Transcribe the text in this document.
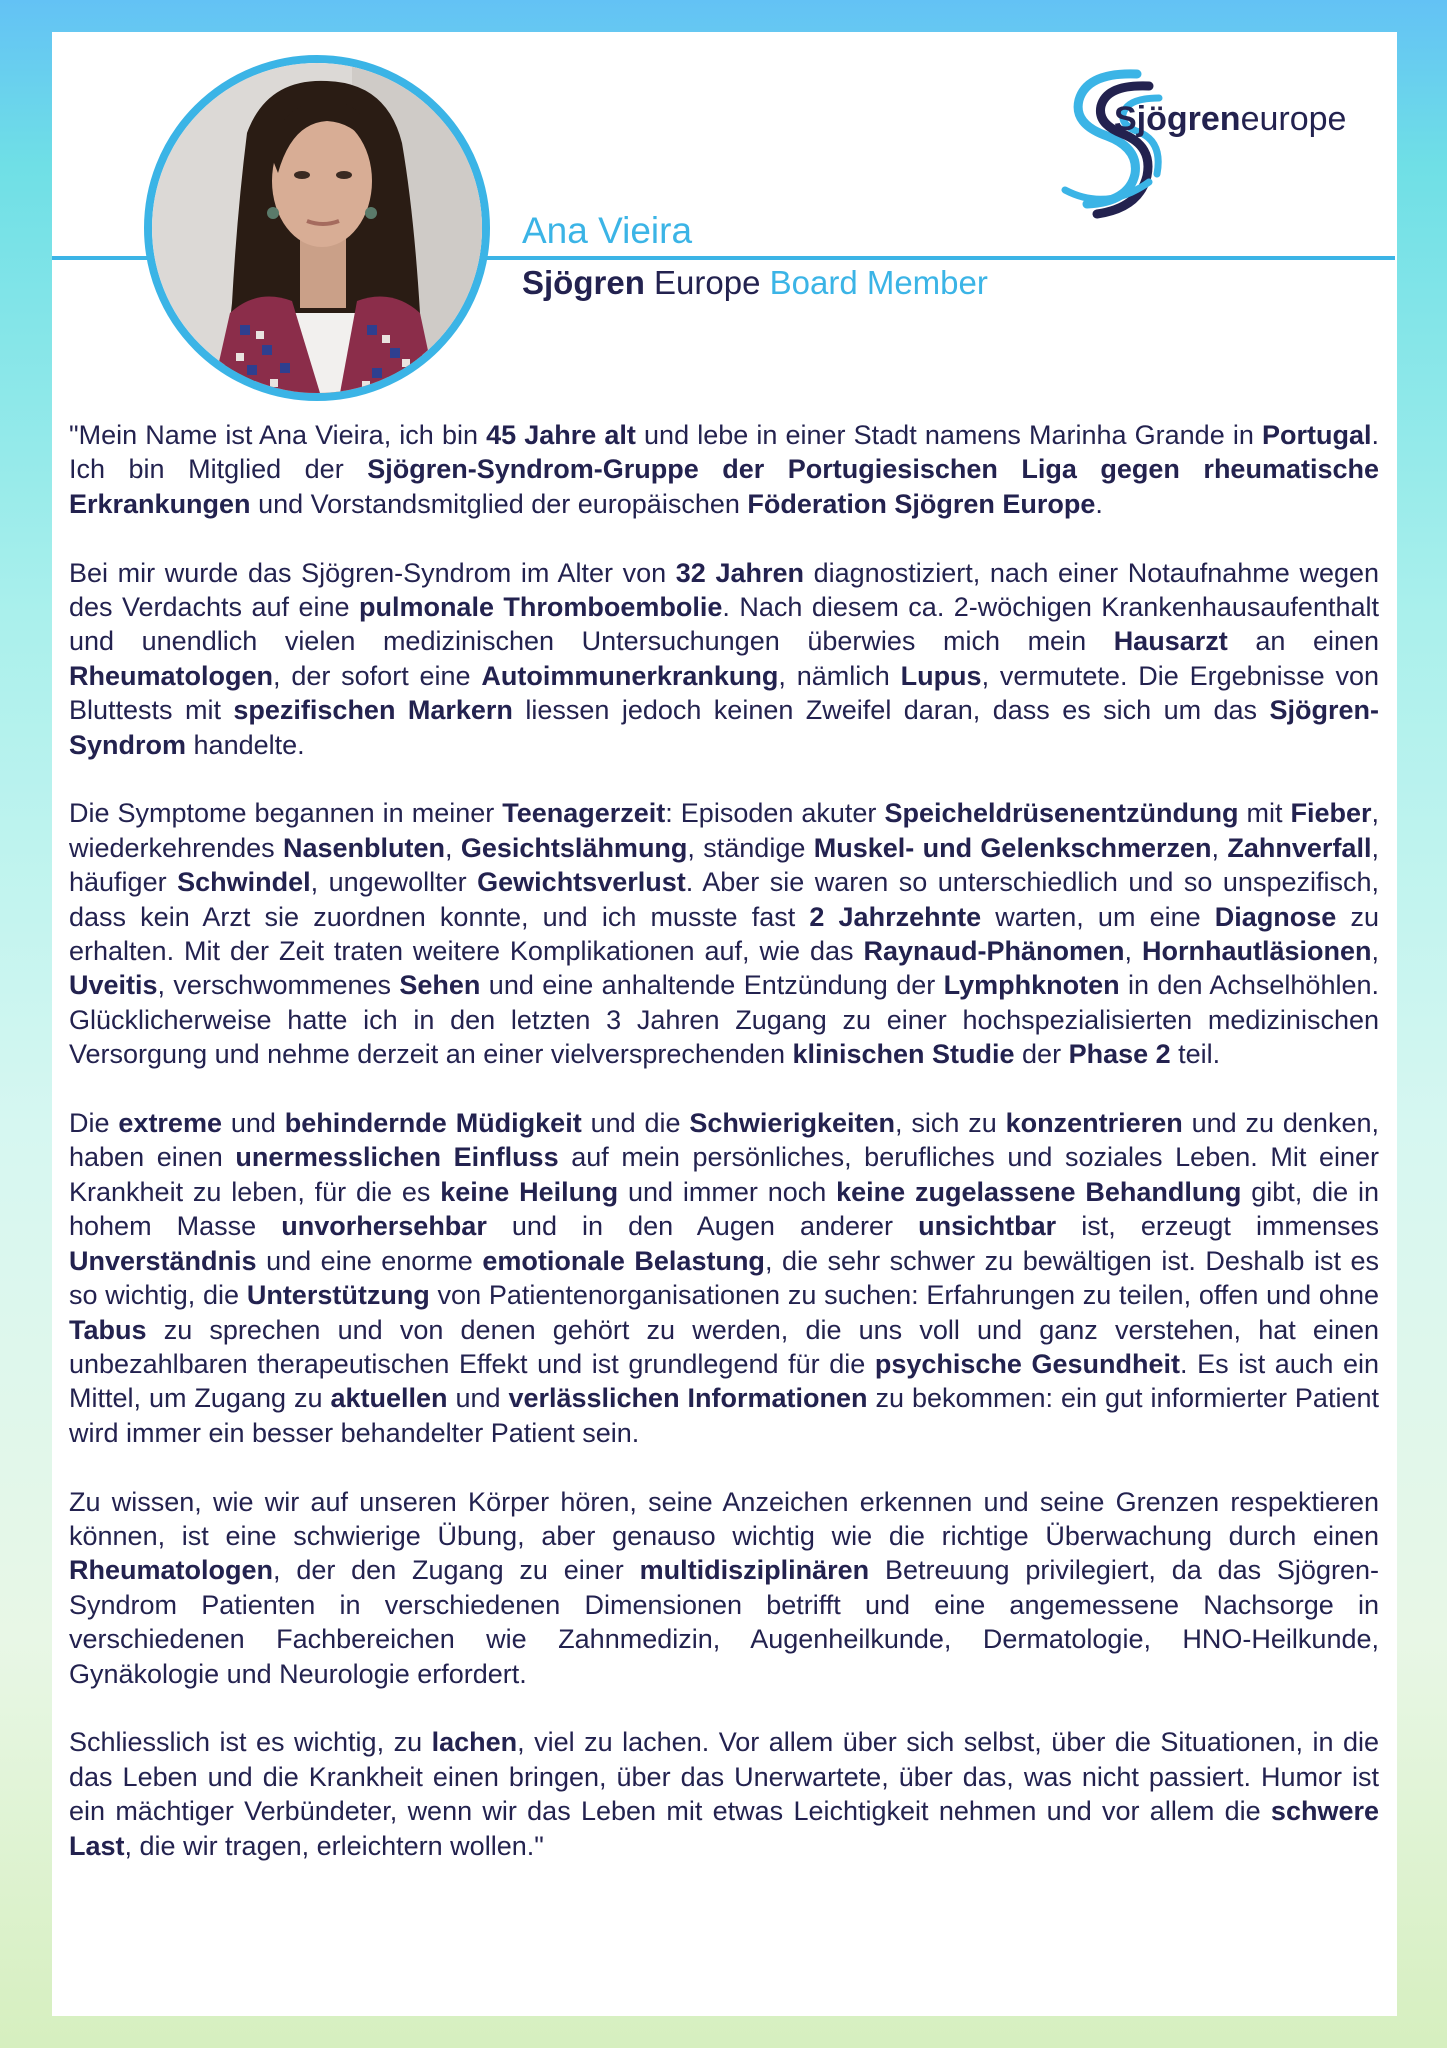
Ana Vieira
Sjögren Europe Board Member
Sjögreneurope

"Mein Name ist Ana Vieira, ich bin 45 Jahre alt und lebe in einer Stadt namens Marinha Grande in Portugal. Ich bin Mitglied der Sjögren-Syndrom-Gruppe der Portugiesischen Liga gegen rheumatische Erkrankungen und Vorstandsmitglied der europäischen Föderation Sjögren Europe.

Bei mir wurde das Sjögren-Syndrom im Alter von 32 Jahren diagnostiziert, nach einer Notaufnahme wegen des Verdachts auf eine pulmonale Thromboembolie. Nach diesem ca. 2-wöchigen Krankenhausaufenthalt und unendlich vielen medizinischen Untersuchungen überwies mich mein Hausarzt an einen Rheumatologen, der sofort eine Autoimmunerkrankung, nämlich Lupus, vermutete. Die Ergebnisse von Bluttests mit spezifischen Markern liessen jedoch keinen Zweifel daran, dass es sich um das Sjögren-Syndrom handelte.

Die Symptome begannen in meiner Teenagerzeit: Episoden akuter Speicheldrüsenentzündung mit Fieber, wiederkehrendes Nasenbluten, Gesichtslähmung, ständige Muskel- und Gelenkschmerzen, Zahnverfall, häufiger Schwindel, ungewollter Gewichtsverlust. Aber sie waren so unterschiedlich und so unspezifisch, dass kein Arzt sie zuordnen konnte, und ich musste fast 2 Jahrzehnte warten, um eine Diagnose zu erhalten. Mit der Zeit traten weitere Komplikationen auf, wie das Raynaud-Phänomen, Hornhautläsionen, Uveitis, verschwommenes Sehen und eine anhaltende Entzündung der Lymphknoten in den Achselhöhlen. Glücklicherweise hatte ich in den letzten 3 Jahren Zugang zu einer hochspezialisierten medizinischen Versorgung und nehme derzeit an einer vielversprechenden klinischen Studie der Phase 2 teil.

Die extreme und behindernde Müdigkeit und die Schwierigkeiten, sich zu konzentrieren und zu denken, haben einen unermesslichen Einfluss auf mein persönliches, berufliches und soziales Leben. Mit einer Krankheit zu leben, für die es keine Heilung und immer noch keine zugelassene Behandlung gibt, die in hohem Masse unvorhersehbar und in den Augen anderer unsichtbar ist, erzeugt immenses Unverständnis und eine enorme emotionale Belastung, die sehr schwer zu bewältigen ist. Deshalb ist es so wichtig, die Unterstützung von Patientenorganisationen zu suchen: Erfahrungen zu teilen, offen und ohne Tabus zu sprechen und von denen gehört zu werden, die uns voll und ganz verstehen, hat einen unbezahlbaren therapeutischen Effekt und ist grundlegend für die psychische Gesundheit. Es ist auch ein Mittel, um Zugang zu aktuellen und verlässlichen Informationen zu bekommen: ein gut informierter Patient wird immer ein besser behandelter Patient sein.

Zu wissen, wie wir auf unseren Körper hören, seine Anzeichen erkennen und seine Grenzen respektieren können, ist eine schwierige Übung, aber genauso wichtig wie die richtige Überwachung durch einen Rheumatologen, der den Zugang zu einer multidisziplinären Betreuung privilegiert, da das Sjögren-Syndrom Patienten in verschiedenen Dimensionen betrifft und eine angemessene Nachsorge in verschiedenen Fachbereichen wie Zahnmedizin, Augenheilkunde, Dermatologie, HNO-Heilkunde, Gynäkologie und Neurologie erfordert.

Schliesslich ist es wichtig, zu lachen, viel zu lachen. Vor allem über sich selbst, über die Situationen, in die das Leben und die Krankheit einen bringen, über das Unerwartete, über das, was nicht passiert. Humor ist ein mächtiger Verbündeter, wenn wir das Leben mit etwas Leichtigkeit nehmen und vor allem die schwere Last, die wir tragen, erleichtern wollen."
